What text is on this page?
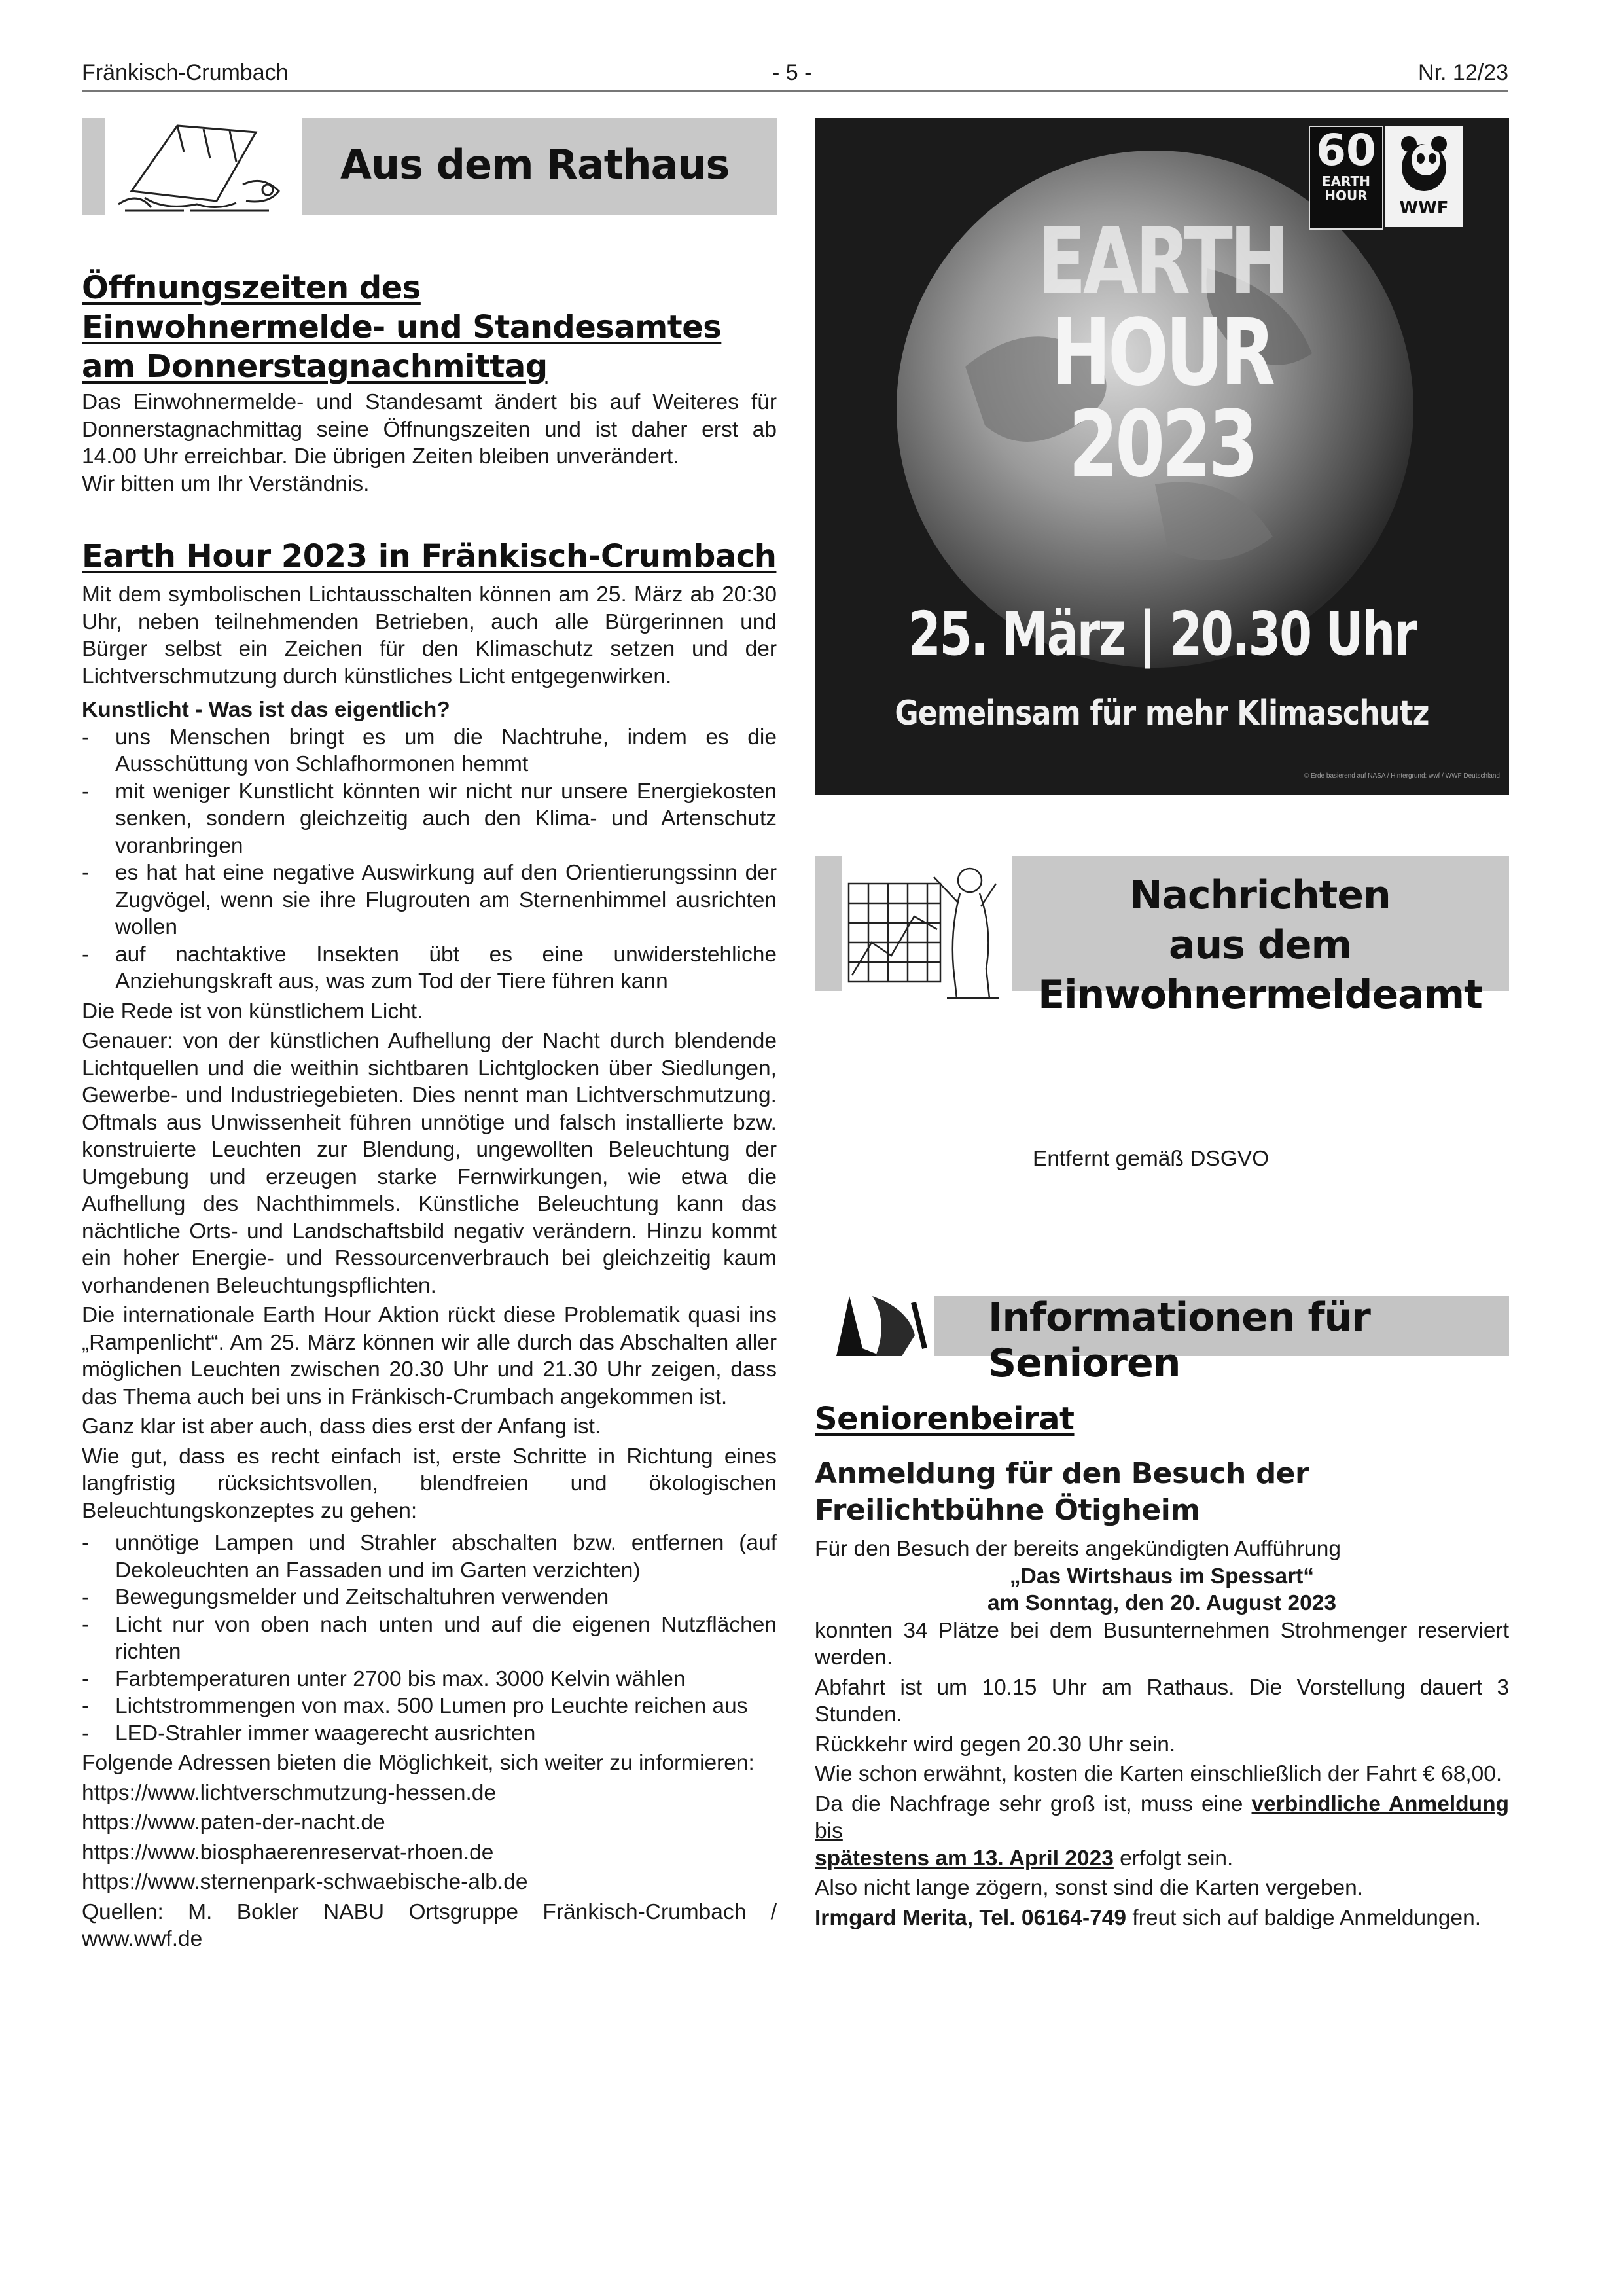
Fränkisch-Crumbach	- 5 -	Nr. 12/23
Aus dem Rathaus
Öffnungszeiten des
Einwohnermelde- und Standesamtes
am Donnerstagnachmittag

Das Einwohnermelde- und Standesamt ändert bis auf Weiteres für Donnerstagnachmittag seine Öffnungszeiten und ist daher erst ab 14.00 Uhr erreichbar. Die übrigen Zeiten bleiben unverändert.

Wir bitten um Ihr Verständnis.

Earth Hour 2023 in Fränkisch-Crumbach

Mit dem symbolischen Lichtausschalten können am 25. März ab 20:30 Uhr, neben teilnehmenden Betrieben, auch alle Bürgerinnen und Bürger selbst ein Zeichen für den Klimaschutz setzen und der Lichtverschmutzung durch künstliches Licht entgegenwirken.

Kunstlicht - Was ist das eigentlich?

- uns Menschen bringt es um die Nachtruhe, indem es die Ausschüttung von Schlafhormonen hemmt
- mit weniger Kunstlicht könnten wir nicht nur unsere Energiekosten senken, sondern gleichzeitig auch den Klima- und Artenschutz voranbringen
- es hat hat eine negative Auswirkung auf den Orientierungssinn der Zugvögel, wenn sie ihre Flugrouten am Sternenhimmel ausrichten wollen
- auf nachtaktive Insekten übt es eine unwiderstehliche Anziehungskraft aus, was zum Tod der Tiere führen kann

Die Rede ist von künstlichem Licht.

Genauer: von der künstlichen Aufhellung der Nacht durch blendende Lichtquellen und die weithin sichtbaren Lichtglocken über Siedlungen, Gewerbe- und Industriegebieten. Dies nennt man Lichtverschmutzung. Oftmals aus Unwissenheit führen unnötige und falsch installierte bzw. konstruierte Leuchten zur Blendung, ungewollten Beleuchtung der Umgebung und erzeugen starke Fernwirkungen, wie etwa die Aufhellung des Nachthimmels. Künstliche Beleuchtung kann das nächtliche Orts- und Landschaftsbild negativ verändern. Hinzu kommt ein hoher Energie- und Ressourcenverbrauch bei gleichzeitig kaum vorhandenen Beleuchtungspflichten.

Die internationale Earth Hour Aktion rückt diese Problematik quasi ins „Rampenlicht“. Am 25. März können wir alle durch das Abschalten aller möglichen Leuchten zwischen 20.30 Uhr und 21.30 Uhr zeigen, dass das Thema auch bei uns in Fränkisch-Crumbach angekommen ist.

Ganz klar ist aber auch, dass dies erst der Anfang ist.

Wie gut, dass es recht einfach ist, erste Schritte in Richtung eines langfristig rücksichtsvollen, blendfreien und ökologischen Beleuchtungskonzeptes zu gehen:

- unnötige Lampen und Strahler abschalten bzw. entfernen (auf Dekoleuchten an Fassaden und im Garten verzichten)
- Bewegungsmelder und Zeitschaltuhren verwenden
- Licht nur von oben nach unten und auf die eigenen Nutzflächen richten
- Farbtemperaturen unter 2700 bis max. 3000 Kelvin wählen
- Lichtstrommengen von max. 500 Lumen pro Leuchte reichen aus
- LED-Strahler immer waagerecht ausrichten

Folgende Adressen bieten die Möglichkeit, sich weiter zu informieren:

https://www.lichtverschmutzung-hessen.de

https://www.paten-der-nacht.de

https://www.biosphaerenreservat-rhoen.de

https://www.sternenpark-schwaebische-alb.de

Quellen: M. Bokler NABU Ortsgruppe Fränkisch-Crumbach / www.wwf.de

60
EARTH
HOUR
WWF
EARTH
HOUR
2023
25. März | 20.30 Uhr
Gemeinsam für mehr Klimaschutz
© Erde basierend auf NASA / Hintergrund: wwf / WWF Deutschland
Nachrichten
aus dem Einwohnermeldeamt
Entfernt gemäß DSGVO
Informationen für Senioren
Seniorenbeirat
Anmeldung für den Besuch der Freilichtbühne Ötigheim

Für den Besuch der bereits angekündigten Aufführung

„Das Wirtshaus im Spessart“

am Sonntag, den 20. August 2023

konnten 34 Plätze bei dem Busunternehmen Strohmenger reserviert werden.

Abfahrt ist um 10.15 Uhr am Rathaus. Die Vorstellung dauert 3 Stunden.

Rückkehr wird gegen 20.30 Uhr sein.

Wie schon erwähnt, kosten die Karten einschließlich der Fahrt € 68,00.

Da die Nachfrage sehr groß ist, muss eine verbindliche Anmeldung bis

spätestens am 13. April 2023 erfolgt sein.

Also nicht lange zögern, sonst sind die Karten vergeben.

Irmgard Merita, Tel. 06164-749 freut sich auf baldige Anmeldungen.
